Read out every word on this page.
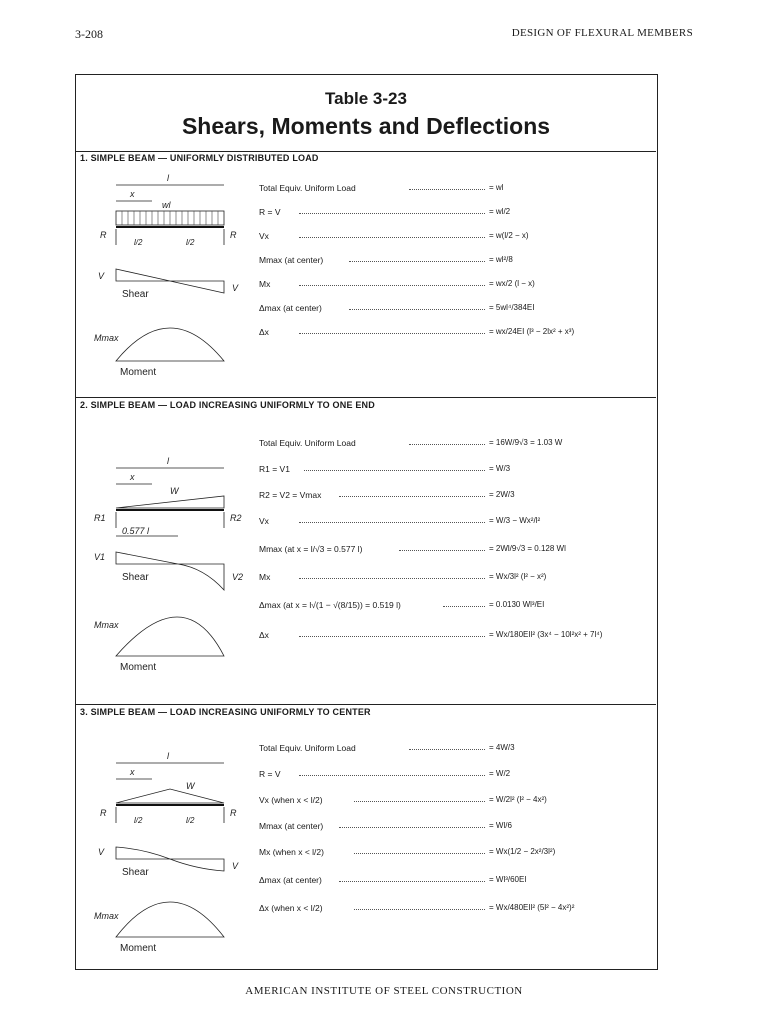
3-208	DESIGN OF FLEXURAL MEMBERS
Table 3-23
Shears, Moments and Deflections
1. SIMPLE BEAM — UNIFORMLY DISTRIBUTED LOAD
l
x
wl
R	R
l/2	l/2
V
V
Shear
Mmax
Moment
Total Equiv. Uniform Load	= wl
R = V	= wl/2
Vx	= w(l/2 − x)
Mmax (at center)	= wl²/8
Mx	= wx/2 (l − x)
Δmax (at center)	= 5wl⁴/384EI
Δx	= wx/24EI (l³ − 2lx² + x³)
2. SIMPLE BEAM — LOAD INCREASING UNIFORMLY TO ONE END
l
x
W
R1	R2
0.577 l
V1
V2
Shear
Mmax
Moment
Total Equiv. Uniform Load	= 16W/9√3 = 1.03 W
R1 = V1	= W/3
R2 = V2 = Vmax	= 2W/3
Vx	= W/3 − Wx²/l²
Mmax (at x = l/√3 = 0.577 l)	= 2Wl/9√3 = 0.128 Wl
Mx	= Wx/3l² (l² − x²)
Δmax (at x = l√(1 − √(8/15)) = 0.519 l)	= 0.0130 Wl³/EI
Δx	= Wx/180EIl² (3x⁴ − 10l²x² + 7l⁴)
3. SIMPLE BEAM — LOAD INCREASING UNIFORMLY TO CENTER
l
x
W
R	R
l/2	l/2
V
V
Shear
Mmax
Moment
Total Equiv. Uniform Load	= 4W/3
R = V	= W/2
Vx (when x < l/2)	= W/2l² (l² − 4x²)
Mmax (at center)	= Wl/6
Mx (when x < l/2)	= Wx(1/2 − 2x²/3l²)
Δmax (at center)	= Wl³/60EI
Δx (when x < l/2)	= Wx/480EIl² (5l² − 4x²)²
AMERICAN INSTITUTE OF STEEL CONSTRUCTION
